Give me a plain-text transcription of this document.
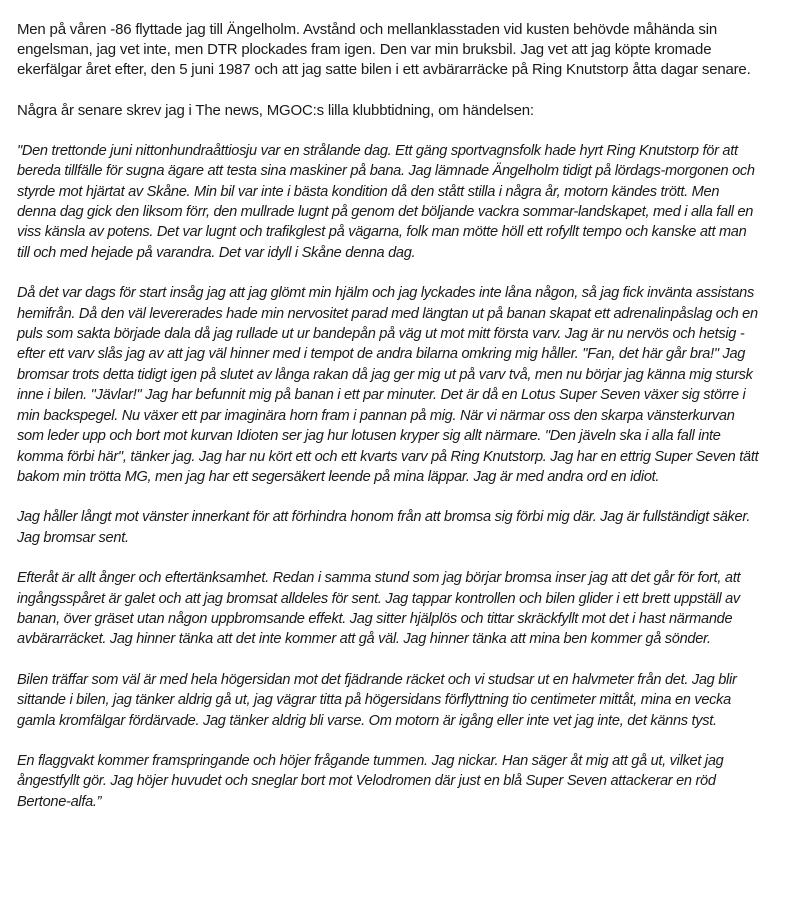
Men på våren -86 flyttade jag till Ängelholm. Avstånd och mellanklasstaden vid kusten behövde måhända sin engelsman, jag vet inte, men DTR plockades fram igen. Den var min bruksbil. Jag vet att jag köpte kromade ekerfälgar året efter, den 5 juni 1987 och att jag satte bilen i ett avbärarräcke på Ring Knutstorp åtta dagar senare.

Några år senare skrev jag i The news, MGOC:s lilla klubbtidning, om händelsen:

"Den trettonde juni nittonhundraåttiosju var en strålande dag. Ett gäng sportvagnsfolk hade hyrt Ring Knutstorp för att bereda tillfälle för sugna ägare att testa sina maskiner på bana. Jag lämnade Ängelholm tidigt på lördags-morgonen och styrde mot hjärtat av Skåne. Min bil var inte i bästa kondition då den stått stilla i några år, motorn kändes trött. Men denna dag gick den liksom förr, den mullrade lugnt på genom det böljande vackra sommar-landskapet, med i alla fall en viss känsla av potens. Det var lugnt och trafikglest på vägarna, folk man mötte höll ett rofyllt tempo och kanske att man till och med hejade på varandra. Det var idyll i Skåne denna dag.

Då det var dags för start insåg jag att jag glömt min hjälm och jag lyckades inte låna någon, så jag fick invänta assistans hemifrån. Då den väl levererades hade min nervositet parad med längtan ut på banan skapat ett adrenalinpåslag och en puls som sakta började dala då jag rullade ut ur bandepån på väg ut mot mitt första varv. Jag är nu nervös och hetsig - efter ett varv slås jag av att jag väl hinner med i tempot de andra bilarna omkring mig håller. "Fan, det här går bra!" Jag bromsar trots detta tidigt igen på slutet av långa rakan då jag ger mig ut på varv två, men nu börjar jag känna mig stursk inne i bilen. "Jävlar!" Jag har befunnit mig på banan i ett par minuter. Det är då en Lotus Super Seven växer sig större i min backspegel. Nu växer ett par imaginära horn fram i pannan på mig. När vi närmar oss den skarpa vänsterkurvan som leder upp och bort mot kurvan Idioten ser jag hur lotusen kryper sig allt närmare. "Den jäveln ska i alla fall inte komma förbi här", tänker jag. Jag har nu kört ett och ett kvarts varv på Ring Knutstorp. Jag har en ettrig Super Seven tätt bakom min trötta MG, men jag har ett segersäkert leende på mina läppar. Jag är med andra ord en idiot.

Jag håller långt mot vänster innerkant för att förhindra honom från att bromsa sig förbi mig där. Jag är fullständigt säker. Jag bromsar sent.

Efteråt är allt ånger och eftertänksamhet. Redan i samma stund som jag börjar bromsa inser jag att det går för fort, att ingångsspåret är galet och att jag bromsat alldeles för sent. Jag tappar kontrollen och bilen glider i ett brett uppställ av banan, över gräset utan någon uppbromsande effekt. Jag sitter hjälplös och tittar skräckfyllt mot det i hast närmande avbärarräcket. Jag hinner tänka att det inte kommer att gå väl. Jag hinner tänka att mina ben kommer gå sönder.

Bilen träffar som väl är med hela högersidan mot det fjädrande räcket och vi studsar ut en halvmeter från det. Jag blir sittande i bilen, jag tänker aldrig gå ut, jag vägrar titta på högersidans förflyttning tio centimeter mittåt, mina en vecka gamla kromfälgar fördärvade. Jag tänker aldrig bli varse. Om motorn är igång eller inte vet jag inte, det känns tyst.

En flaggvakt kommer framspringande och höjer frågande tummen. Jag nickar. Han säger åt mig att gå ut, vilket jag ångestfyllt gör. Jag höjer huvudet och sneglar bort mot Velodromen där just en blå Super Seven attackerar en röd Bertone-alfa.”
